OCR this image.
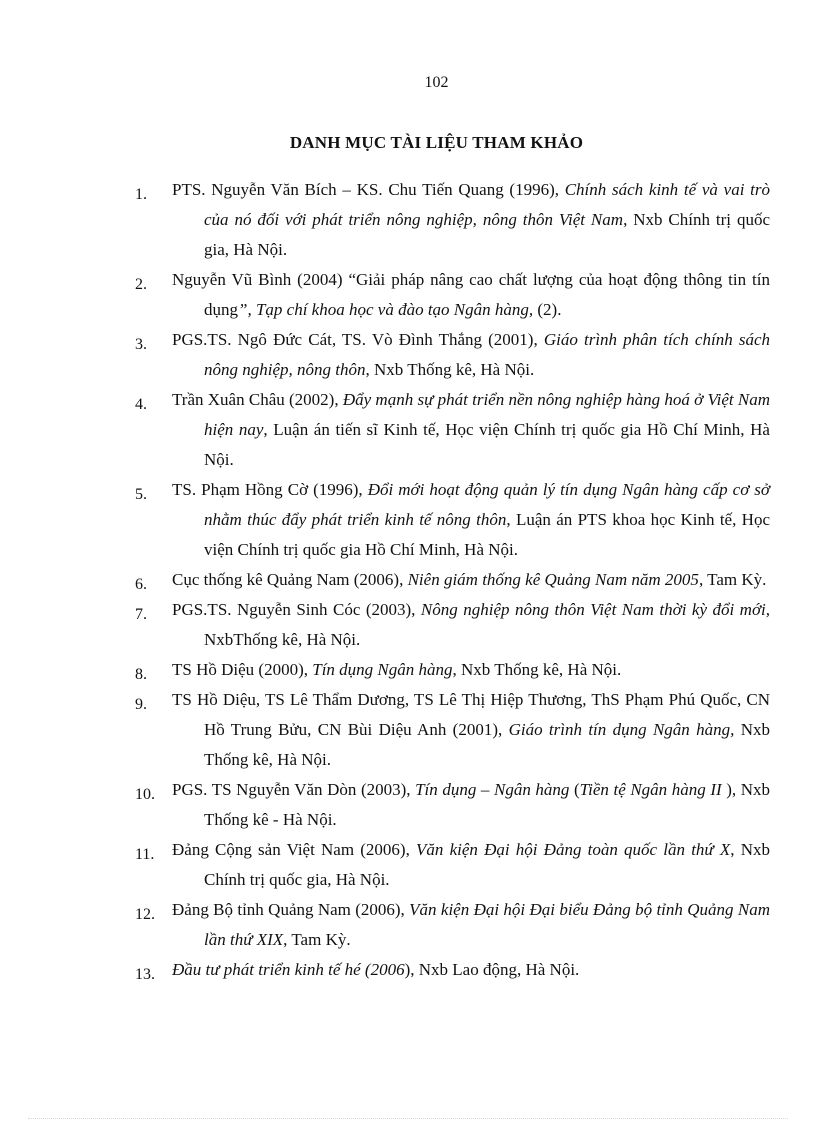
102
DANH MỤC TÀI LIỆU THAM KHẢO
1.	PTS. Nguyễn Văn Bích – KS. Chu Tiến Quang (1996), Chính sách kinh tế và vai trò của nó đối với phát triển nông nghiệp, nông thôn Việt Nam, Nxb Chính trị quốc gia, Hà Nội.
2.	Nguyễn Vũ Bình (2004) “Giải pháp nâng cao chất lượng của hoạt động thông tin tín dụng”, Tạp chí khoa học và đào tạo Ngân hàng, (2).
3.	PGS.TS. Ngô Đức Cát, TS. Vò Đình Thắng (2001), Giáo trình phân tích chính sách nông nghiệp, nông thôn, Nxb Thống kê, Hà Nội.
4.	Trần Xuân Châu (2002), Đẩy mạnh sự phát triển nền nông nghiệp hàng hoá ở Việt Nam hiện nay, Luận án tiến sĩ Kinh tế, Học viện Chính trị quốc gia Hồ Chí Minh, Hà Nội.
5.	TS. Phạm Hồng Cờ (1996), Đổi mới hoạt động quản lý tín dụng Ngân hàng cấp cơ sở nhằm thúc đẩy phát triển kinh tế nông thôn, Luận án PTS khoa học Kinh tế, Học viện Chính trị quốc gia Hồ Chí Minh, Hà Nội.
6.	Cục thống kê Quảng Nam (2006), Niên giám thống kê Quảng Nam năm 2005, Tam Kỳ.
7.	PGS.TS. Nguyễn Sinh Cóc (2003), Nông nghiệp nông thôn Việt Nam thời kỳ đổi mới, NxbThống kê, Hà Nội.
8.	TS Hồ Diệu (2000), Tín dụng Ngân hàng, Nxb Thống kê, Hà Nội.
9.	TS Hồ Diệu, TS Lê Thẩm Dương, TS Lê Thị Hiệp Thương, ThS Phạm Phú Quốc, CN Hồ Trung Bửu, CN Bùi Diệu Anh (2001), Giáo trình tín dụng Ngân hàng, Nxb Thống kê, Hà Nội.
10.	PGS. TS Nguyễn Văn Dòn (2003), Tín dụng – Ngân hàng (Tiền tệ Ngân hàng II ), Nxb Thống kê - Hà Nội.
11.	Đảng Cộng sản Việt Nam (2006), Văn kiện Đại hội Đảng toàn quốc lần thứ X, Nxb Chính trị quốc gia, Hà Nội.
12.	Đảng Bộ tỉnh Quảng Nam (2006), Văn kiện Đại hội Đại biểu Đảng bộ tỉnh Quảng Nam lần thứ XIX, Tam Kỳ.
13.	Đầu tư phát triển kinh tế hé (2006), Nxb Lao động, Hà Nội.
